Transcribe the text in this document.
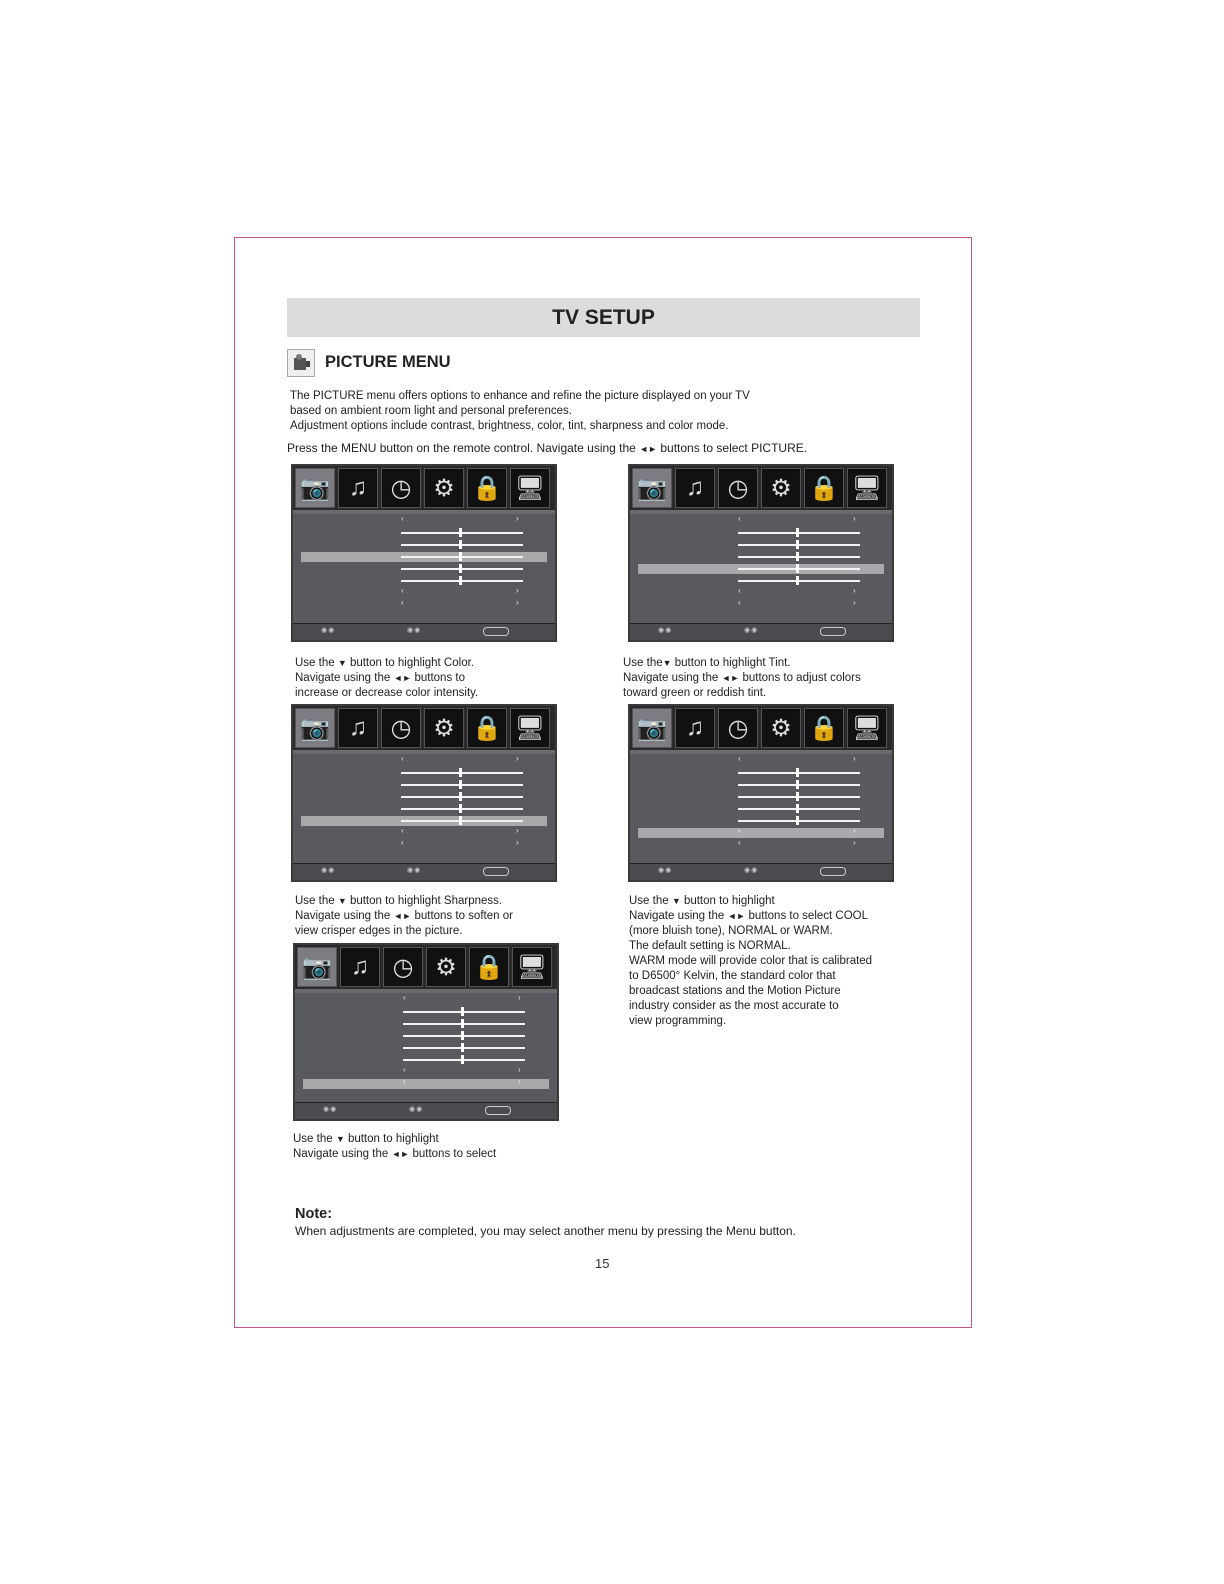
TV SETUP
PICTURE MENU
The PICTURE menu offers options to enhance and refine the picture displayed on your TV
based on ambient room light and personal preferences.
Adjustment options include contrast, brightness, color, tint, sharpness and color mode.
Press the MENU button on the remote control. Navigate using the ◄► buttons to select PICTURE.
📷 ♫ ◷ ⚙ 🔒 🖥
‹	›
‹	›
‹	›
◉◉	◉◉
📷 ♫ ◷ ⚙ 🔒 🖥
‹	›
‹	›
‹	›
◉◉	◉◉
📷 ♫ ◷ ⚙ 🔒 🖥
‹	›
‹	›
‹	›
◉◉	◉◉
📷 ♫ ◷ ⚙ 🔒 🖥
‹	›
‹	›
‹	›
◉◉	◉◉
📷 ♫ ◷ ⚙ 🔒 🖥
‹	›
‹	›
‹	›
◉◉	◉◉
Use the ▼ button to highlight Color.
Navigate using the ◄► buttons to
increase or decrease color intensity.
Use the▼ button to highlight Tint.
Navigate using the ◄► buttons to adjust colors
toward green or reddish tint.
Use the ▼ button to highlight Sharpness.
Navigate using the ◄► buttons to soften or
view crisper edges in the picture.
Use the ▼ button to highlight
Navigate using the ◄► buttons to select COOL
(more bluish tone), NORMAL or WARM.
The default setting is NORMAL.
WARM mode will provide color that is calibrated
to D6500° Kelvin, the standard color that
broadcast stations and the Motion Picture
industry consider as the most accurate to
view programming.
Use the ▼ button to highlight
Navigate using the ◄► buttons to select
Note:
When adjustments are completed, you may select another menu by pressing the Menu button.
15
